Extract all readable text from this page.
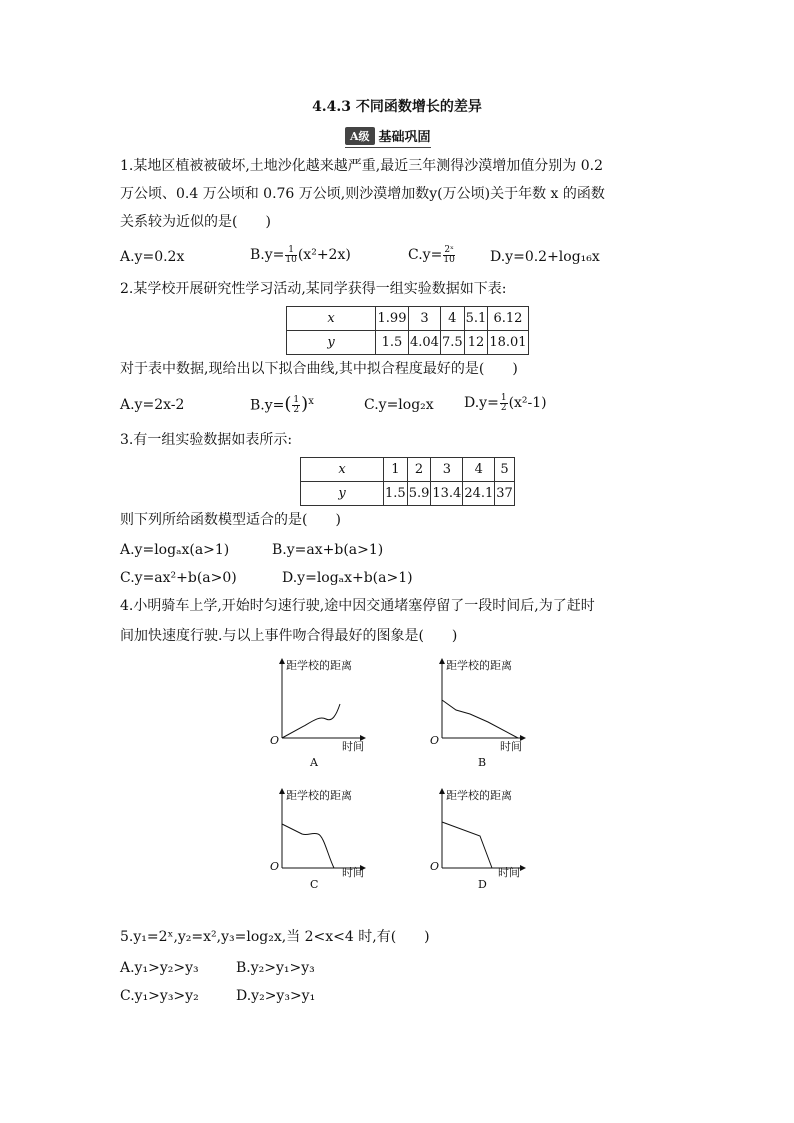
4.4.3 不同函数增长的差异
A级 基础巩固
1.某地区植被被破坏,土地沙化越来越严重,最近三年测得沙漠增加值分别为 0.2
万公顷、0.4 万公顷和 0.76 万公顷,则沙漠增加数y(万公顷)关于年数 x 的函数
关系较为近似的是(　　)
A.y=0.2x	$B.y= \frac{1}{10} (x^2+2x)$	$C.y= \frac{\text{2ˣ}}{10}$	D.y=0.2+log₁₆x
2.某学校开展研究性学习活动,某同学获得一组实验数据如下表:
x	1.99	3	4	5.1	6.12
y	1.5	4.04	7.5	12	18.01
对于表中数据,现给出以下拟合曲线,其中拟合程度最好的是(　　)
A.y=2x-2	$B.y=( \frac{1}{2} )^x$	C.y=log₂x $D.y= \frac{1}{2} (x^2-1)$
3.有一组实验数据如表所示:
x	1	2	3	4	5
y	1.5	5.9	13.4	24.1	37
则下列所给函数模型适合的是(　　)
A.y=logₐx(a>1)	B.y=ax+b(a>1)
C.y=ax²+b(a>0)	D.y=logₐx+b(a>1)
4.小明骑车上学,开始时匀速行驶,途中因交通堵塞停留了一段时间后,为了赶时
间加快速度行驶.与以上事件吻合得最好的图象是(　　)
距学校的距离
O	时间
A
距学校的距离
O	时间
B
距学校的距离
O	时间
C
距学校的距离
O	时间
D
5.y₁=2ˣ,y₂=x²,y₃=log₂x,当 2<x<4 时,有(　　)
A.y₁>y₂>y₃	B.y₂>y₁>y₃
C.y₁>y₃>y₂	D.y₂>y₃>y₁
